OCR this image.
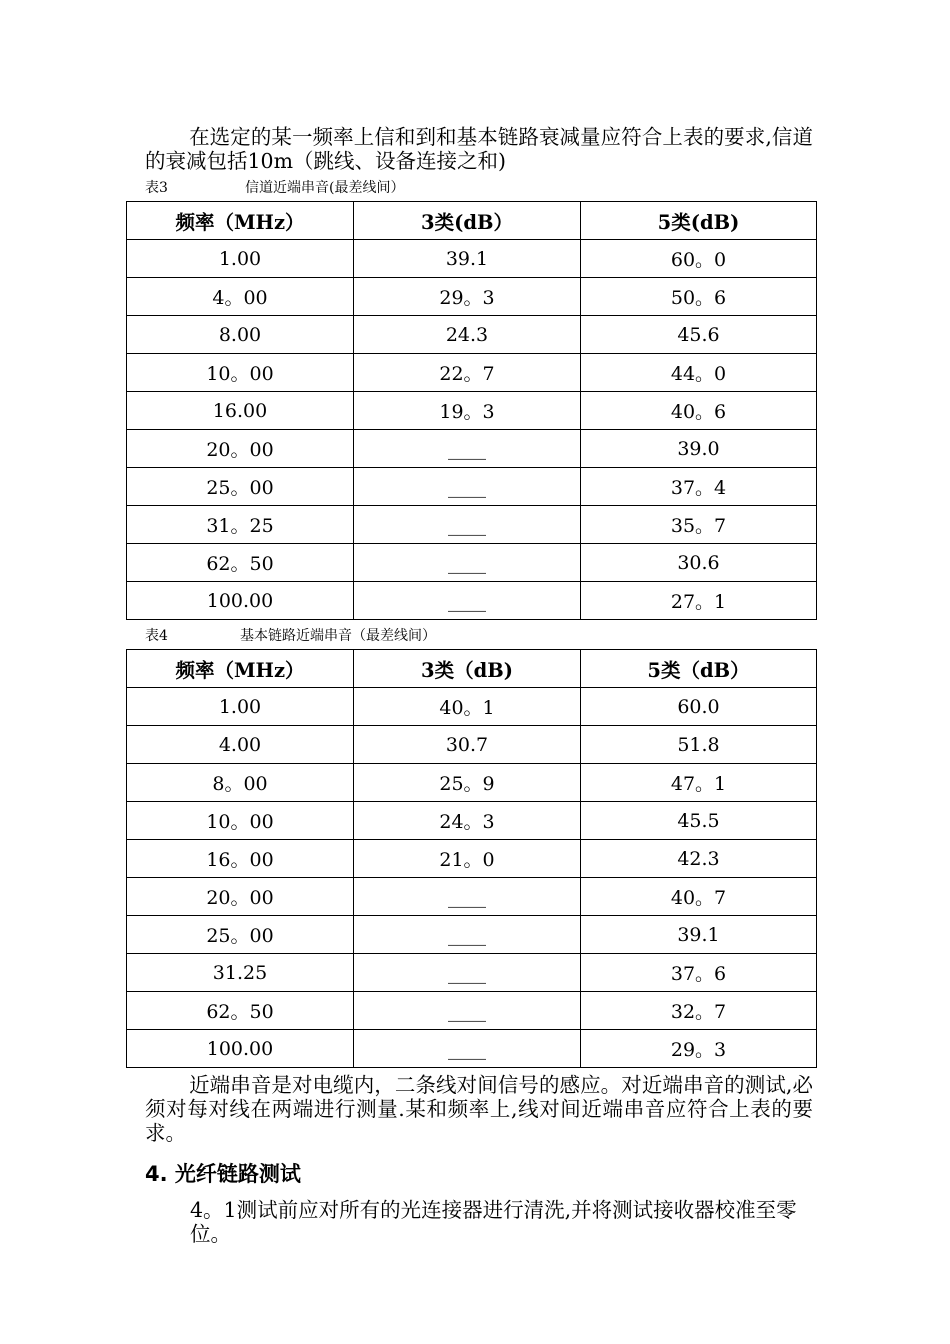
在选定的某一频率上信和到和基本链路衰减量应符合上表的要求,信道的衰减包括10m（跳线、设备连接之和)

表3	信道近端串音(最差线间）

频率（MHz）	3类(dB）	5类(dB)
1.00	39.1	60。0
4。00	29。3	50。6
8.00	24.3	45.6
10。00	22。7	44。0
16.00	19。3	40。6
20。00	____	39.0
25。00	____	37。4
31。25	____	35。7
62。50	____	30.6
100.00	____	27。1

表4	基本链路近端串音（最差线间）

频率（MHz）	3类（dB)	5类（dB）
1.00	40。1	60.0
4.00	30.7	51.8
8。00	25。9	47。1
10。00	24。3	45.5
16。00	21。0	42.3
20。00	____	40。7
25。00	____	39.1
31.25	____	37。6
62。50	____	32。7
100.00	____	29。3

近端串音是对电缆内，二条线对间信号的感应。对近端串音的测试,必须对每对线在两端进行测量.某和频率上,线对间近端串音应符合上表的要求。

4. 光纤链路测试

4。1测试前应对所有的光连接器进行清洗,并将测试接收器校准至零位。
